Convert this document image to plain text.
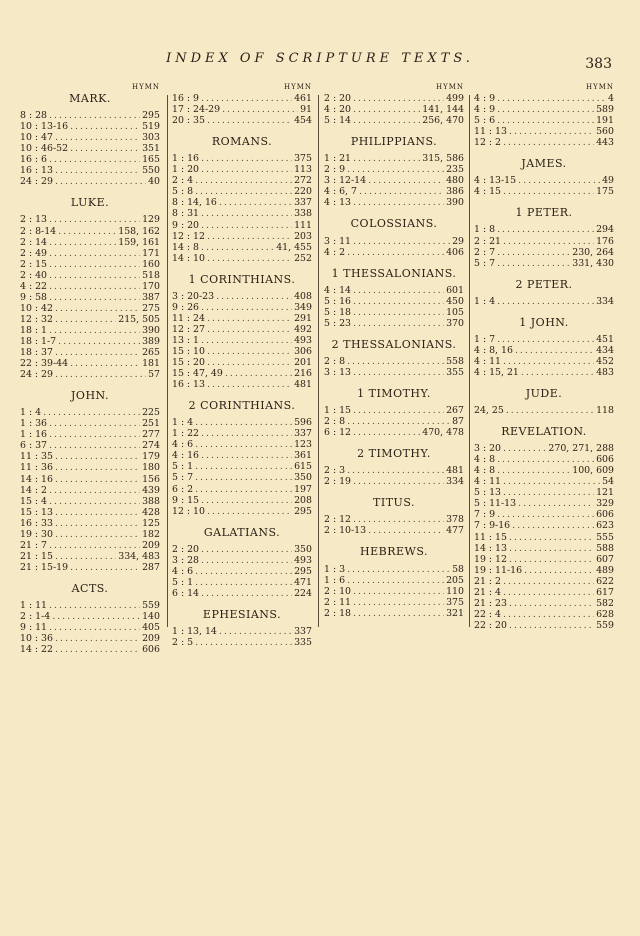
INDEX OF SCRIPTURE TEXTS.	383
HYMN
MARK.
8 : 28 .....	295
10 : 13-16 .....	519
10 : 47 .....	303
10 : 46-52 .....	351
16 : 6 .....	165
16 : 13 .....	550
24 : 29 .....	40
LUKE.
2 : 13 .....	129
2 : 8-14 .....	158, 162
2 : 14 .....	159, 161
2 : 49 .....	171
2 : 15 .....	160
2 : 40 .....	518
4 : 22 .....	170
9 : 58 .....	387
10 : 42 .....	275
12 : 32 .....	215, 505
18 : 1 .....	390
18 : 1-7 .....	389
18 : 37 .....	265
22 : 39-44 .....	181
24 : 29 .....	57
JOHN.
1 : 4 .....	225
1 : 36 .....	251
1 : 16 .....	277
6 : 37 .....	274
11 : 35 .....	179
11 : 36 .....	180
14 : 16 .....	156
14 : 2 .....	439
15 : 4 .....	388
15 : 13 .....	428
16 : 33 .....	125
19 : 30 .....	182
21 : 7 .....	209
21 : 15 .....	334, 483
21 : 15-19 .....	287
ACTS.
1 : 11 .....	559
2 : 1-4 .....	140
9 : 11 .....	405
10 : 36 .....	209
14 : 22 .....	606
HYMN
16 : 9 .....	461
17 : 24-29 .....	91
20 : 35 .....	454
ROMANS.
1 : 16 .....	375
1 : 20 .....	113
2 : 4 .....	272
5 : 8 .....	220
8 : 14, 16 .....	337
8 : 31 .....	338
9 : 20 .....	111
12 : 12 .....	203
14 : 8 .....	41, 455
14 : 10 .....	252
1 CORINTHIANS.
3 : 20-23 .....	408
9 : 26 .....	349
11 : 24 .....	291
12 : 27 .....	492
13 : 1 .....	493
15 : 10 .....	306
15 : 20 .....	201
15 : 47, 49 .....	216
16 : 13 .....	481
2 CORINTHIANS.
1 : 4 .....	596
1 : 22 .....	337
4 : 6 .....	123
4 : 16 .....	361
5 : 1 .....	615
5 : 7 .....	350
6 : 2 .....	197
9 : 15 .....	208
12 : 10 .....	295
GALATIANS.
2 : 20 .....	350
3 : 28 .....	493
4 : 6 .....	295
5 : 1 .....	471
6 : 14 .....	224
EPHESIANS.
1 : 13, 14 .....	337
2 : 5 .....	335
HYMN
2 : 20 .....	499
4 : 20 .....	141, 144
5 : 14 .....	256, 470
PHILIPPIANS.
1 : 21 .....	315, 586
2 : 9 .....	235
3 : 12-14 .....	480
4 : 6, 7 .....	386
4 : 13 .....	390
COLOSSIANS.
3 : 11 .....	29
4 : 2 .....	406
1 THESSALONIANS.
4 : 14 .....	601
5 : 16 .....	450
5 : 18 .....	105
5 : 23 .....	370
2 THESSALONIANS.
2 : 8 .....	558
3 : 13 .....	355
1 TIMOTHY.
1 : 15 .....	267
2 : 8 .....	87
6 : 12 .....	470, 478
2 TIMOTHY.
2 : 3 .....	481
2 : 19 .....	334
TITUS.
2 : 12 .....	378
2 : 10-13 .....	477
HEBREWS.
1 : 3 .....	58
1 : 6 .....	205
2 : 10 .....	110
2 : 11 .....	375
2 : 18 .....	321
HYMN
4 : 9 .....	4
4 : 9 .....	589
5 : 6 .....	191
11 : 13 .....	560
12 : 2 .....	443
JAMES.
4 : 13-15 .....	49
4 : 15 .....	175
1 PETER.
1 : 8 .....	294
2 : 21 .....	176
2 : 7 .....	230, 264
5 : 7 .....	331, 430
2 PETER.
1 : 4 .....	334
1 JOHN.
1 : 7 .....	451
4 : 8, 16 .....	434
4 : 11 .....	452
4 : 15, 21 .....	483
JUDE.
24, 25 .....	118
REVELATION.
3 : 20 .....	270, 271, 288
4 : 8 .....	606
4 : 8 .....	100, 609
4 : 11 .....	54
5 : 13 .....	121
5 : 11-13 .....	329
7 : 9 .....	606
7 : 9-16 .....	623
11 : 15 .....	555
14 : 13 .....	588
19 : 12 .....	607
19 : 11-16 .....	489
21 : 2 .....	622
21 : 4 .....	617
21 : 23 .....	582
22 : 4 .....	628
22 : 20 .....	559
